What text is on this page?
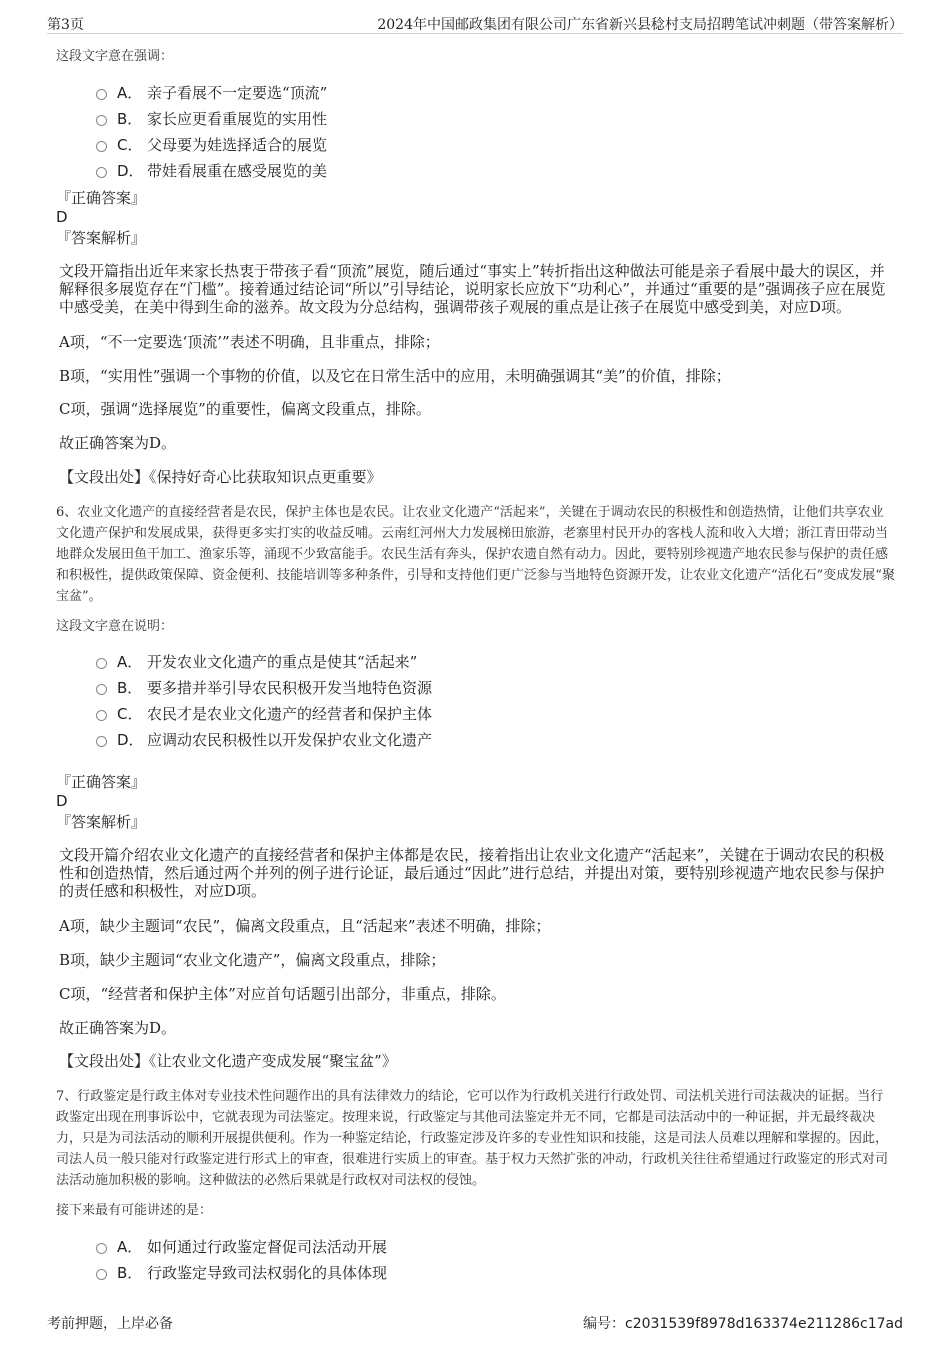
第3页	2024年中国邮政集团有限公司广东省新兴县稔村支局招聘笔试冲刺题（带答案解析）
这段文字意在强调：
A． 亲子看展不一定要选“顶流”
B． 家长应更看重展览的实用性
C． 父母要为娃选择适合的展览
D． 带娃看展重在感受展览的美
『正确答案』
D
『答案解析』
文段开篇指出近年来家长热衷于带孩子看“顶流”展览，随后通过“事实上”转折指出这种做法可能是亲子看展中最大的误区，并解释很多展览存在“门槛”。接着通过结论词“所以”引导结论，说明家长应放下“功利心”，并通过“重要的是”强调孩子应在展览中感受美，在美中得到生命的滋养。故文段为分总结构，强调带孩子观展的重点是让孩子在展览中感受到美，对应D项。
A项，“不一定要选‘顶流’”表述不明确，且非重点，排除；
B项，“实用性”强调一个事物的价值，以及它在日常生活中的应用，未明确强调其“美”的价值，排除；
C项，强调“选择展览”的重要性，偏离文段重点，排除。
故正确答案为D。
【文段出处】《保持好奇心比获取知识点更重要》
6、农业文化遗产的直接经营者是农民，保护主体也是农民。让农业文化遗产“活起来”，关键在于调动农民的积极性和创造热情，让他们共享农业文化遗产保护和发展成果，获得更多实打实的收益反哺。云南红河州大力发展梯田旅游，老寨里村民开办的客栈人流和收入大增；浙江青田带动当地群众发展田鱼干加工、渔家乐等，涌现不少致富能手。农民生活有奔头，保护农遗自然有动力。因此，要特别珍视遗产地农民参与保护的责任感和积极性，提供政策保障、资金便利、技能培训等多种条件，引导和支持他们更广泛参与当地特色资源开发，让农业文化遗产“活化石”变成发展“聚宝盆”。
这段文字意在说明：
A． 开发农业文化遗产的重点是使其“活起来”
B． 要多措并举引导农民积极开发当地特色资源
C． 农民才是农业文化遗产的经营者和保护主体
D． 应调动农民积极性以开发保护农业文化遗产
『正确答案』
D
『答案解析』
文段开篇介绍农业文化遗产的直接经营者和保护主体都是农民，接着指出让农业文化遗产“活起来”，关键在于调动农民的积极性和创造热情，然后通过两个并列的例子进行论证，最后通过“因此”进行总结，并提出对策，要特别珍视遗产地农民参与保护的责任感和积极性，对应D项。
A项，缺少主题词“农民”，偏离文段重点，且“活起来”表述不明确，排除；
B项，缺少主题词“农业文化遗产”，偏离文段重点，排除；
C项，“经营者和保护主体”对应首句话题引出部分，非重点，排除。
故正确答案为D。
【文段出处】《让农业文化遗产变成发展“聚宝盆”》
7、行政鉴定是行政主体对专业技术性问题作出的具有法律效力的结论，它可以作为行政机关进行行政处罚、司法机关进行司法裁决的证据。当行政鉴定出现在刑事诉讼中，它就表现为司法鉴定。按理来说，行政鉴定与其他司法鉴定并无不同，它都是司法活动中的一种证据，并无最终裁决力，只是为司法活动的顺利开展提供便利。作为一种鉴定结论，行政鉴定涉及许多的专业性知识和技能，这是司法人员难以理解和掌握的。因此，司法人员一般只能对行政鉴定进行形式上的审查，很难进行实质上的审查。基于权力天然扩张的冲动，行政机关往往希望通过行政鉴定的形式对司法活动施加积极的影响。这种做法的必然后果就是行政权对司法权的侵蚀。
接下来最有可能讲述的是：
A． 如何通过行政鉴定督促司法活动开展
B． 行政鉴定导致司法权弱化的具体体现
考前押题，上岸必备	编号：c2031539f8978d163374e211286c17ad
